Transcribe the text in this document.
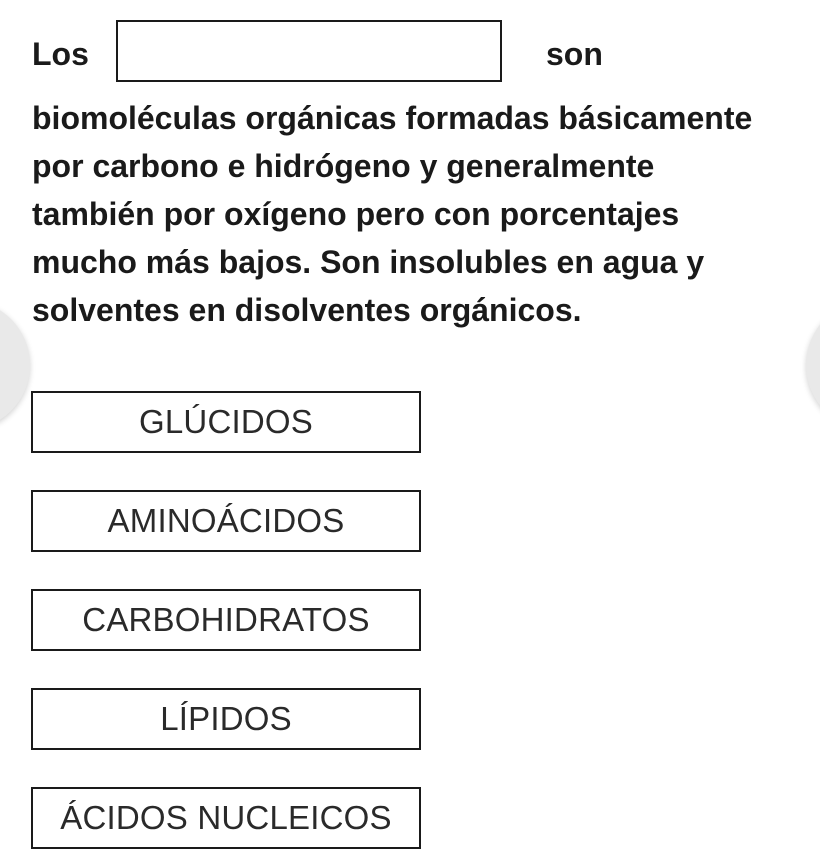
Los	son
biomoléculas orgánicas formadas básicamente por carbono e hidrógeno y generalmente también por oxígeno pero con porcentajes mucho más bajos. Son insolubles en agua y solventes en disolventes orgánicos.
GLÚCIDOS
AMINOÁCIDOS
CARBOHIDRATOS
LÍPIDOS
ÁCIDOS NUCLEICOS
